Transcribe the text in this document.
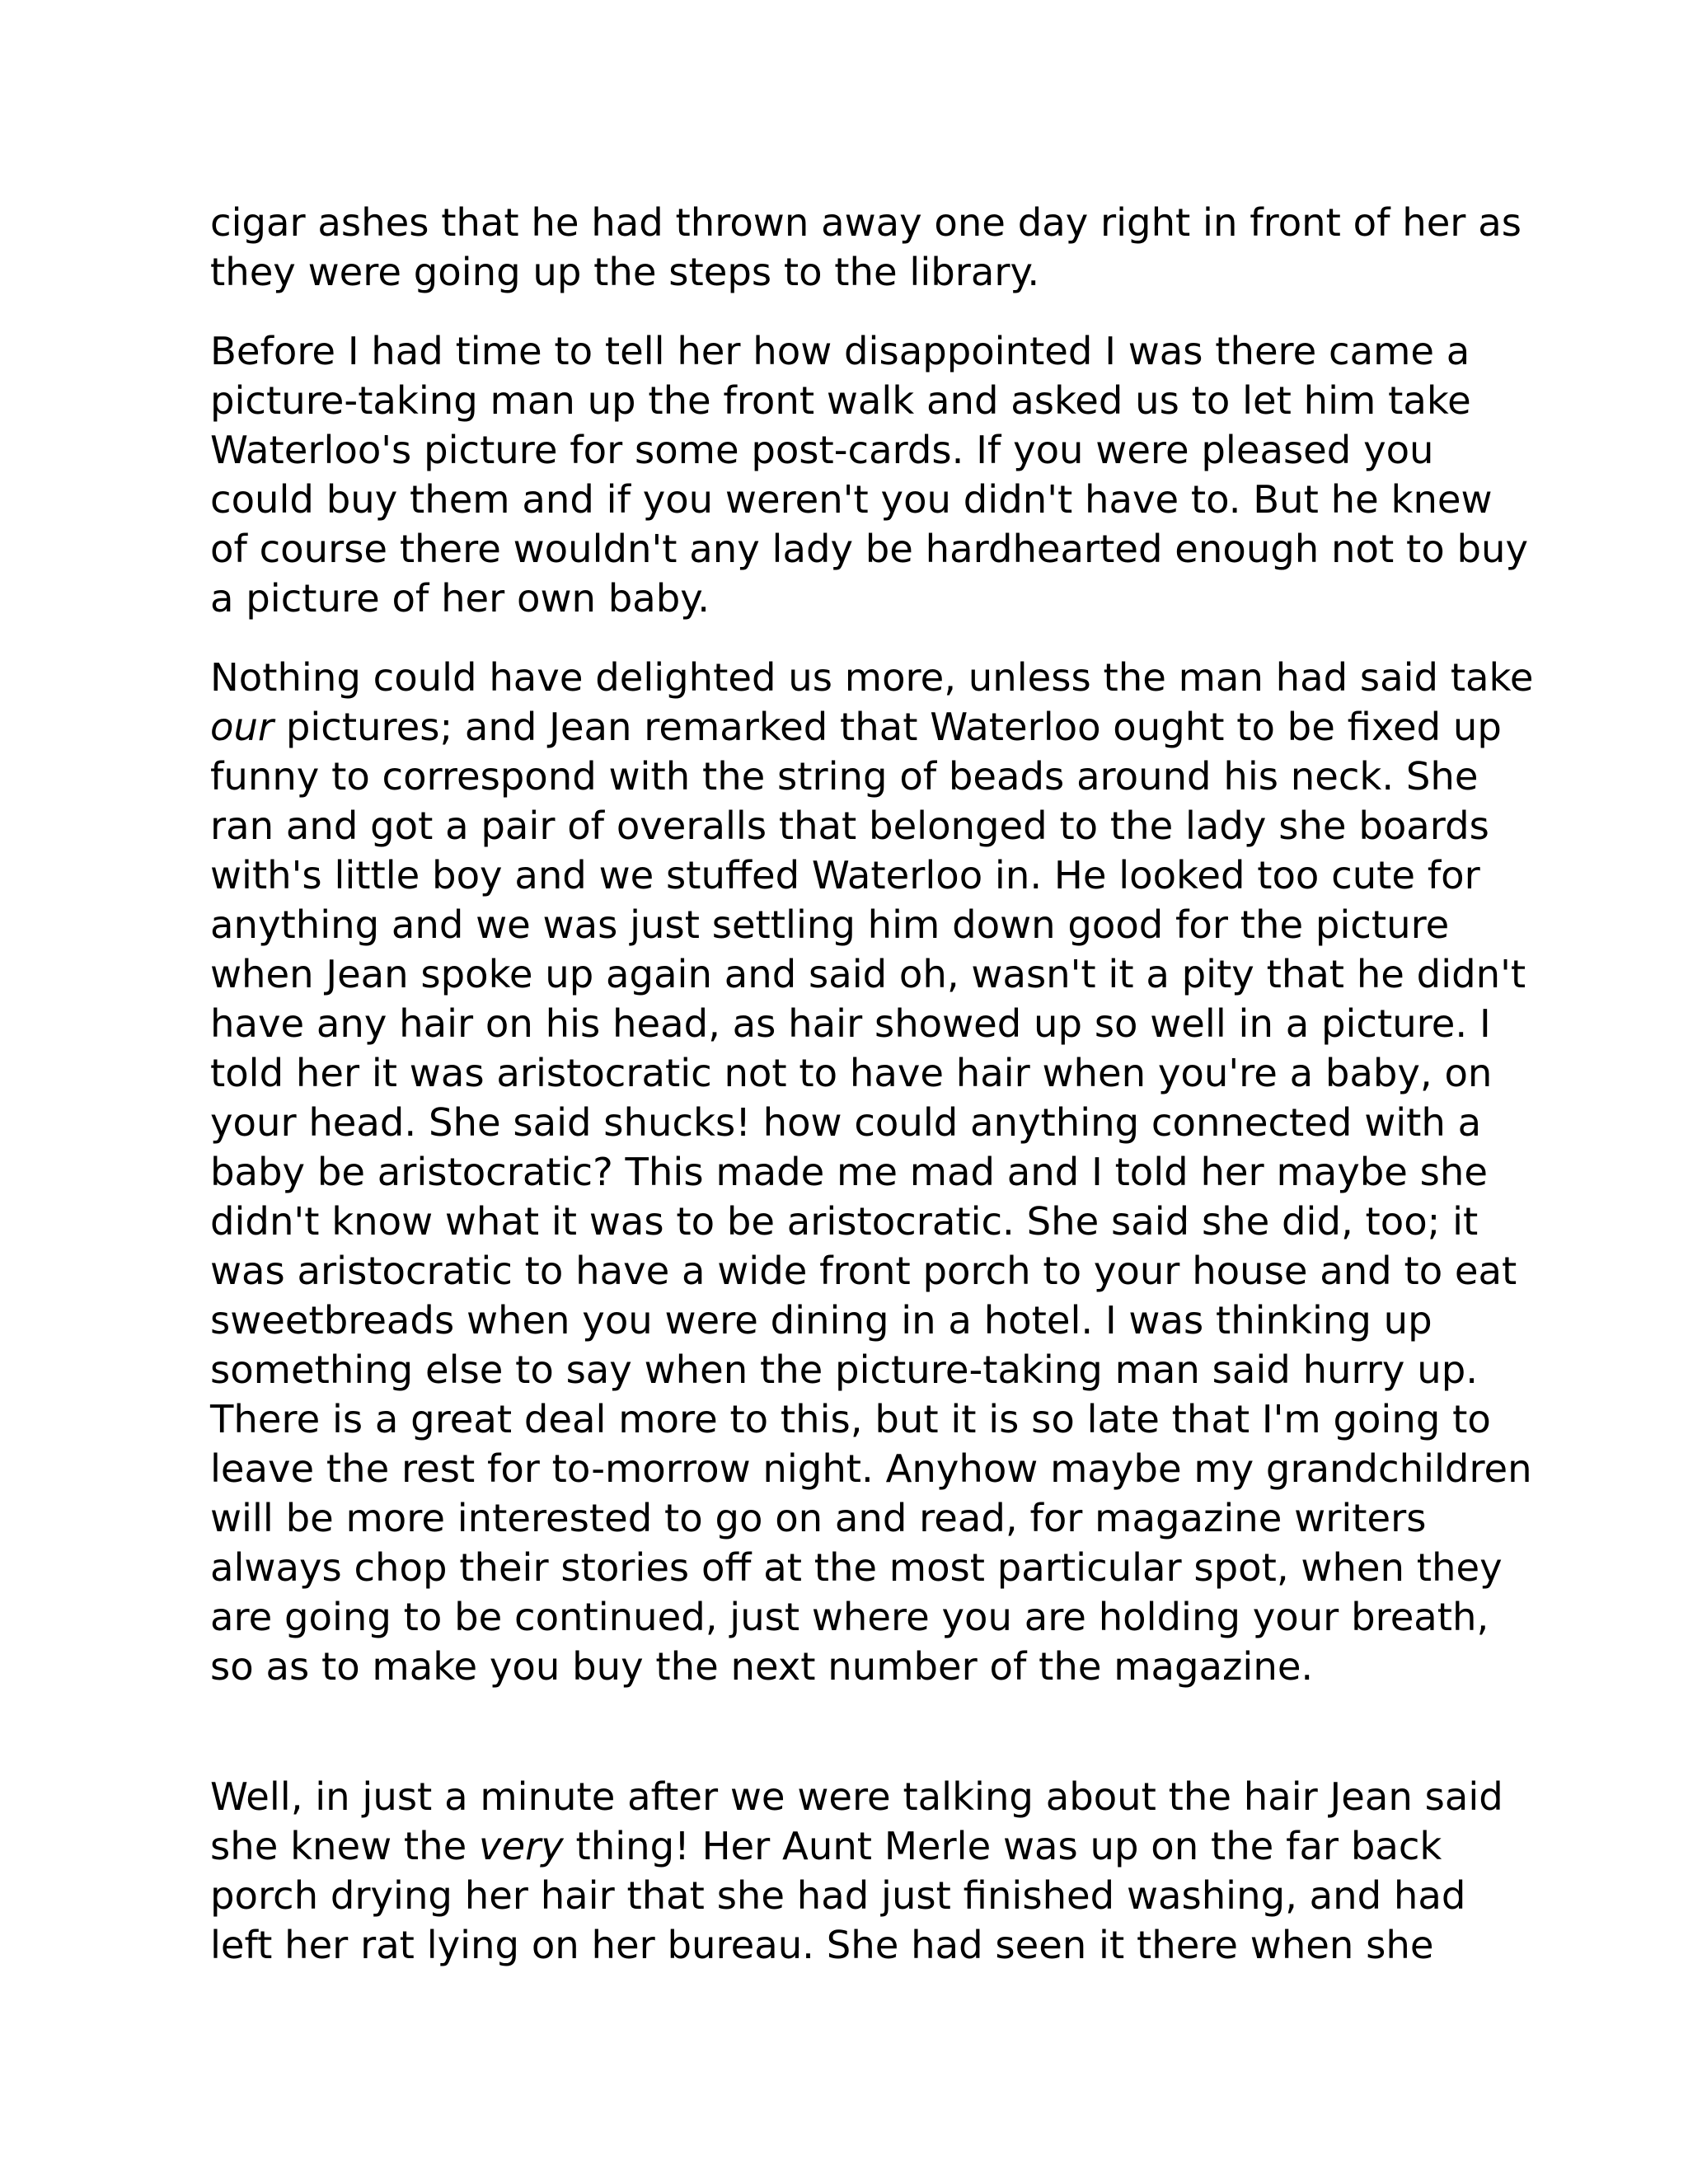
cigar ashes that he had thrown away one day right in front of her as
they were going up the steps to the library.

Before I had time to tell her how disappointed I was there came a
picture-taking man up the front walk and asked us to let him take
Waterloo's picture for some post-cards. If you were pleased you
could buy them and if you weren't you didn't have to. But he knew
of course there wouldn't any lady be hardhearted enough not to buy
a picture of her own baby.

Nothing could have delighted us more, unless the man had said take
our pictures; and Jean remarked that Waterloo ought to be fixed up
funny to correspond with the string of beads around his neck. She
ran and got a pair of overalls that belonged to the lady she boards
with's little boy and we stuffed Waterloo in. He looked too cute for
anything and we was just settling him down good for the picture
when Jean spoke up again and said oh, wasn't it a pity that he didn't
have any hair on his head, as hair showed up so well in a picture. I
told her it was aristocratic not to have hair when you're a baby, on
your head. She said shucks! how could anything connected with a
baby be aristocratic? This made me mad and I told her maybe she
didn't know what it was to be aristocratic. She said she did, too; it
was aristocratic to have a wide front porch to your house and to eat
sweetbreads when you were dining in a hotel. I was thinking up
something else to say when the picture-taking man said hurry up.
There is a great deal more to this, but it is so late that I'm going to
leave the rest for to-morrow night. Anyhow maybe my grandchildren
will be more interested to go on and read, for magazine writers
always chop their stories off at the most particular spot, when they
are going to be continued, just where you are holding your breath,
so as to make you buy the next number of the magazine.

Well, in just a minute after we were talking about the hair Jean said
she knew the very thing! Her Aunt Merle was up on the far back
porch drying her hair that she had just finished washing, and had
left her rat lying on her bureau. She had seen it there when she
